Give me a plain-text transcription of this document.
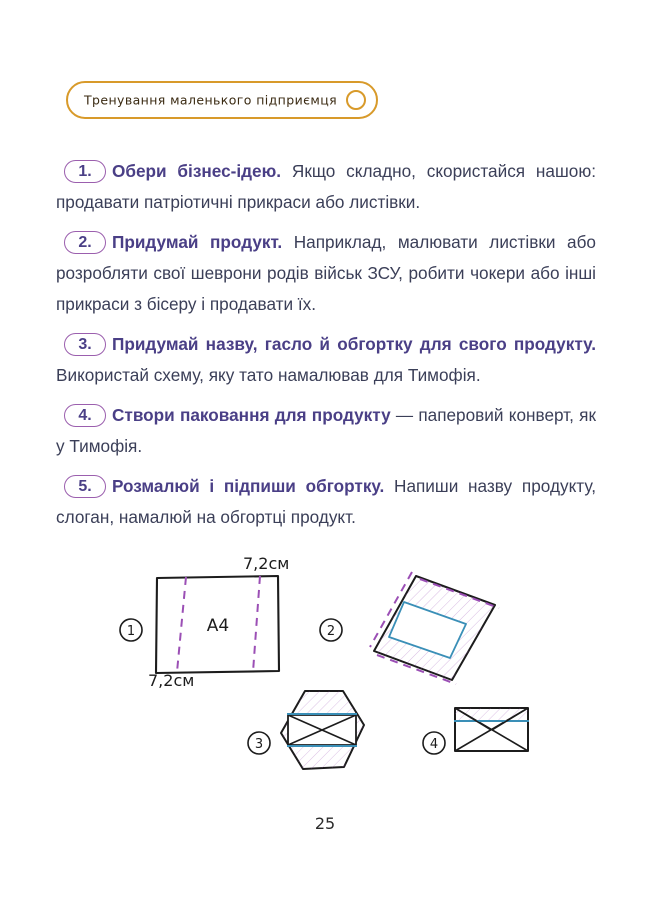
Тренування маленького підприємця
1.	Обери бізнес-ідею. Якщо складно, скористайся нашою: продавати патріотичні прикраси або листівки.

2.	Придумай продукт. Наприклад, малювати листівки або розробляти свої шеврони родів військ ЗСУ, робити чокери або інші прикраси з бісеру і продавати їх.

3.	Придумай назву, гасло й обгортку для свого продукту. Використай схему, яку тато намалював для Тимофія.

4.	Створи паковання для продукту — паперовий конверт, як у Тимофія.

5.	Розмалюй і підпиши обгортку. Напиши назву продукту, слоган, намалюй на обгортці продукт.

7,2см
7,2см
1	A4	2
3	4
25
